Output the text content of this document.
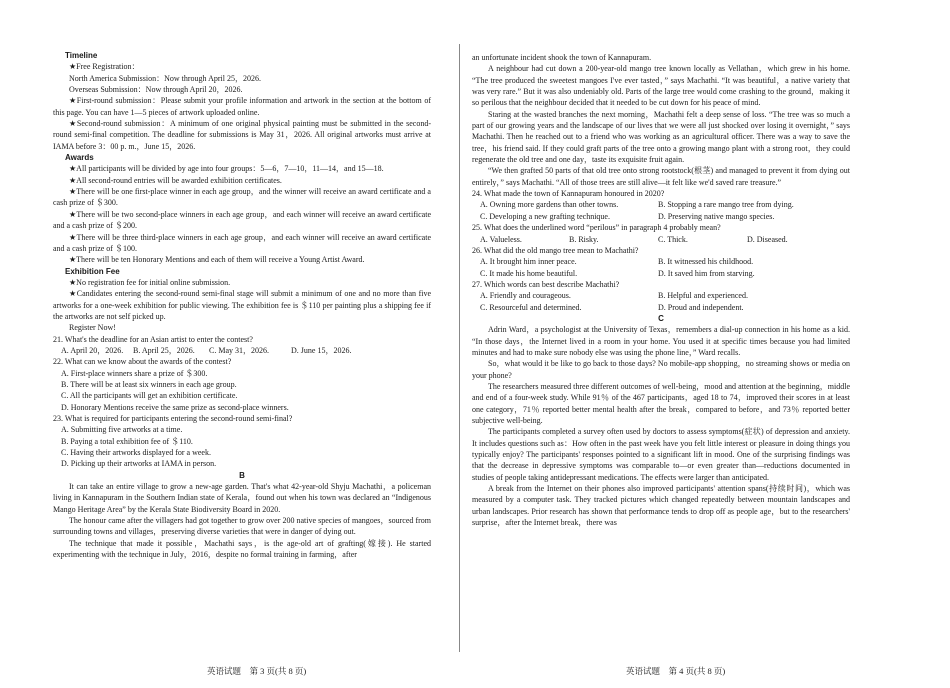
Timeline

★Free Registration：

North America Submission：Now through April 25，2026.

Overseas Submission：Now through April 20，2026.

★First-round submission：Please submit your profile information and artwork in the section at the bottom of this page. You can have 1—5 pieces of artwork uploaded online.

★Second-round submission：A minimum of one original physical painting must be submitted in the second-round semi-final competition. The deadline for submissions is May 31，2026. All original artworks must arrive at IAMA before 3：00 p. m.，June 15，2026.

Awards

★All participants will be divided by age into four groups：5—6，7—10，11—14，and 15—18.

★All second-round entries will be awarded exhibition certificates.

★There will be one first-place winner in each age group，and the winner will receive an award certificate and a cash prize of ＄300.

★There will be two second-place winners in each age group，and each winner will receive an award certificate and a cash prize of ＄200.

★There will be three third-place winners in each age group，and each winner will receive an award certificate and a cash prize of ＄100.

★There will be ten Honorary Mentions and each of them will receive a Young Artist Award.

Exhibition Fee

★No registration fee for initial online submission.

★Candidates entering the second-round semi-final stage will submit a minimum of one and no more than five artworks for a one-week exhibition for public viewing. The exhibition fee is ＄110 per painting plus a shipping fee if the artworks are not self picked up.

Register Now!

21. What's the deadline for an Asian artist to enter the contest?

A. April 20，2026.	B. April 25，2026.	C. May 31，2026.	D. June 15，2026.

22. What can we know about the awards of the contest?

A. First-place winners share a prize of ＄300.

B. There will be at least six winners in each age group.

C. All the participants will get an exhibition certificate.

D. Honorary Mentions receive the same prize as second-place winners.

23. What is required for participants entering the second-round semi-final?

A. Submitting five artworks at a time.

B. Paying a total exhibition fee of ＄110.

C. Having their artworks displayed for a week.

D. Picking up their artworks at IAMA in person.

B

It can take an entire village to grow a new-age garden. That's what 42-year-old Shyju Machathi，a policeman living in Kannapuram in the Southern Indian state of Kerala，found out when his town was declared an “Indigenous Mango Heritage Area” by the Kerala State Biodiversity Board in 2020.

The honour came after the villagers had got together to grow over 200 native species of mangoes，sourced from surrounding towns and villages，preserving diverse varieties that were in danger of dying out.

The technique that made it possible，Machathi says，is the age-old art of grafting(嫁接). He started experimenting with the technique in July，2016，despite no formal training in farming，after

an unfortunate incident shook the town of Kannapuram.

A neighbour had cut down a 200-year-old mango tree known locally as Vellathan，which grew in his home. “The tree produced the sweetest mangoes I've ever tasted，” says Machathi. “It was beautiful，a native variety that was very rare.” But it was also undeniably old. Parts of the large tree would come crashing to the ground，making it so perilous that the neighbour decided that it needed to be cut down for his peace of mind.

Staring at the wasted branches the next morning，Machathi felt a deep sense of loss. “The tree was so much a part of our growing years and the landscape of our lives that we were all just shocked over losing it overnight，” says Machathi. Then he reached out to a friend who was working as an agricultural officer. There was a way to save the tree，his friend said. If they could graft parts of the tree onto a growing mango plant with a strong root，they could regenerate the old tree and one day，taste its exquisite fruit again.

“We then grafted 50 parts of that old tree onto strong rootstock(根茎) and managed to prevent it from dying out entirely，” says Machathi. “All of those trees are still alive—it felt like we'd saved rare treasure.”

24. What made the town of Kannapuram honoured in 2020?

A. Owning more gardens than other towns.	B. Stopping a rare mango tree from dying.
C. Developing a new grafting technique.	D. Preserving native mango species.

25. What does the underlined word “perilous” in paragraph 4 probably mean?

A. Valueless.	B. Risky.	C. Thick.	D. Diseased.

26. What did the old mango tree mean to Machathi?

A. It brought him inner peace.	B. It witnessed his childhood.
C. It made his home beautiful.	D. It saved him from starving.

27. Which words can best describe Machathi?

A. Friendly and courageous.	B. Helpful and experienced.
C. Resourceful and determined.	D. Proud and independent.

C

Adrin Ward，a psychologist at the University of Texas，remembers a dial-up connection in his home as a kid. “In those days，the Internet lived in a room in your home. You used it at specific times because you had limited minutes and had to make sure nobody else was using the phone line，” Ward recalls.

So，what would it be like to go back to those days? No mobile-app shopping，no streaming shows or media on your phone?

The researchers measured three different outcomes of well-being，mood and attention at the beginning，middle and end of a four-week study. While 91％ of the 467 participants，aged 18 to 74，improved their scores in at least one category，71％ reported better mental health after the break，compared to before，and 73％ reported better subjective well-being.

The participants completed a survey often used by doctors to assess symptoms(症状) of depression and anxiety. It includes questions such as：How often in the past week have you felt little interest or pleasure in doing things you typically enjoy? The participants' responses pointed to a significant lift in mood. One of the surprising findings was that the decrease in depressive symptoms was comparable to—or even greater than—reductions documented in studies of people taking antidepressant medications. The effects were larger than anticipated.

A break from the Internet on their phones also improved participants' attention spans(持续时间)，which was measured by a computer task. They tracked pictures which changed repeatedly between mountain landscapes and urban landscapes. Prior research has shown that performance tends to drop off as people age，but to the researchers' surprise，after the Internet break，there was

英语试题　第 3 页(共 8 页)	英语试题　第 4 页(共 8 页)
